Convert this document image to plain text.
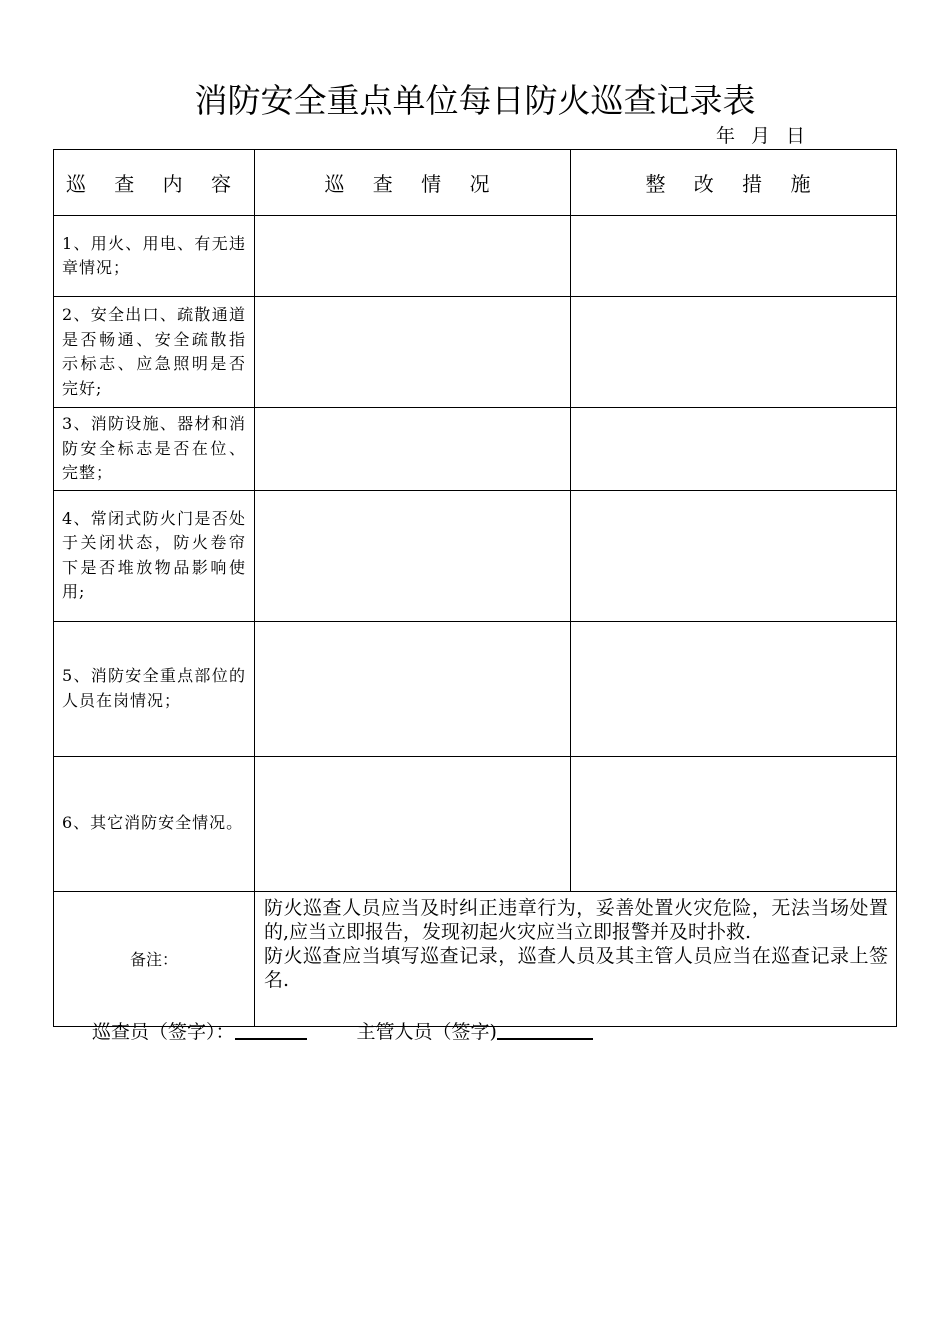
消防安全重点单位每日防火巡查记录表
年 月 日
巡 查 内 容	巡 查 情 况	整 改 措 施
1、用火、用电、有无违章情况；		
2、安全出口、疏散通道是否畅通、安全疏散指示标志、应急照明是否完好;		
3、消防设施、器材和消防安全标志是否在位、完整；		
4、常闭式防火门是否处于关闭状态，防火卷帘下是否堆放物品影响使用;		
5、消防安全重点部位的人员在岗情况；		
6、其它消防安全情况。		
备注：	防火巡查人员应当及时纠正违章行为，妥善处置火灾危险，无法当场处置的,应当立即报告，发现初起火灾应当立即报警并及时扑救.

防火巡查应当填写巡查记录，巡查人员及其主管人员应当在巡查记录上签名.	

巡查员（签字）：	主管人员（签字)
